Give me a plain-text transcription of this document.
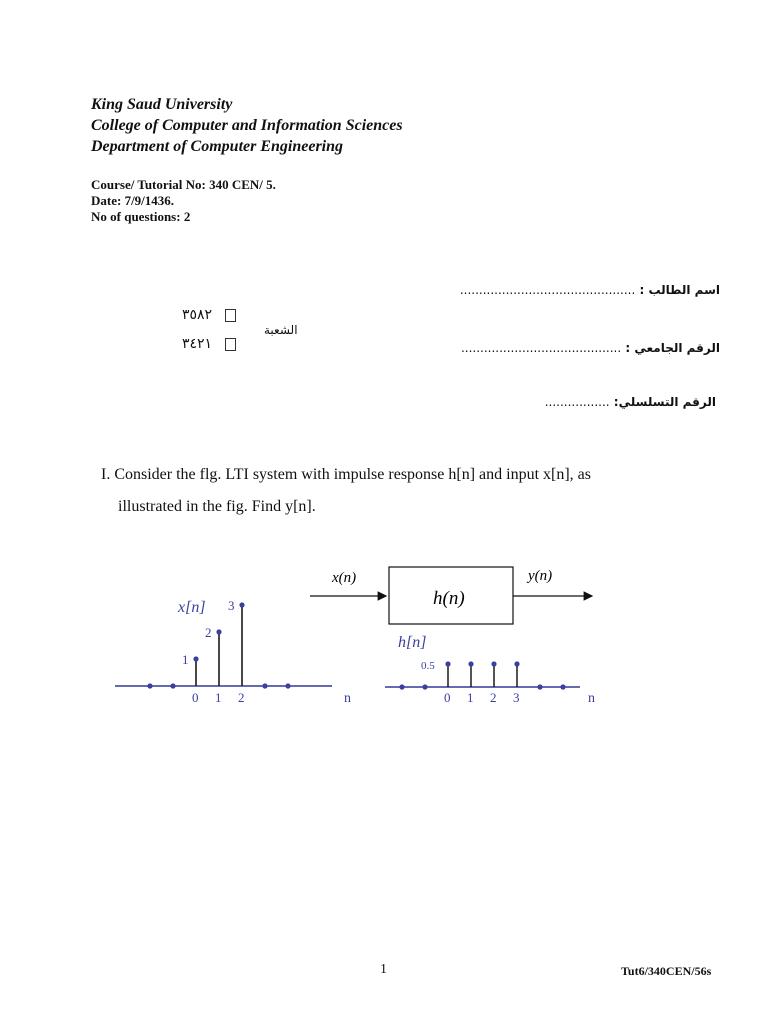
King Saud University
College of Computer and Information Sciences
Department of Computer Engineering
Course/ Tutorial No: 340 CEN/ 5.
Date: 7/9/1436.
No of questions: 2
اسم الطالب : ..............................................
الرقم الجامعي : ..........................................
الرقم التسلسلي: .................
٣٥٨٢
٣٤٢١
الشعبة
I. Consider the flg. LTI system with impulse response h[n] and input x[n], as
illustrated in the fig. Find y[n].
x(n)	y(n)
h(n)
x[n]
n
1
2
3
0 1 2
h[n]
n
0.5
0 1 2 3
1	Tut6/340CEN/56s
